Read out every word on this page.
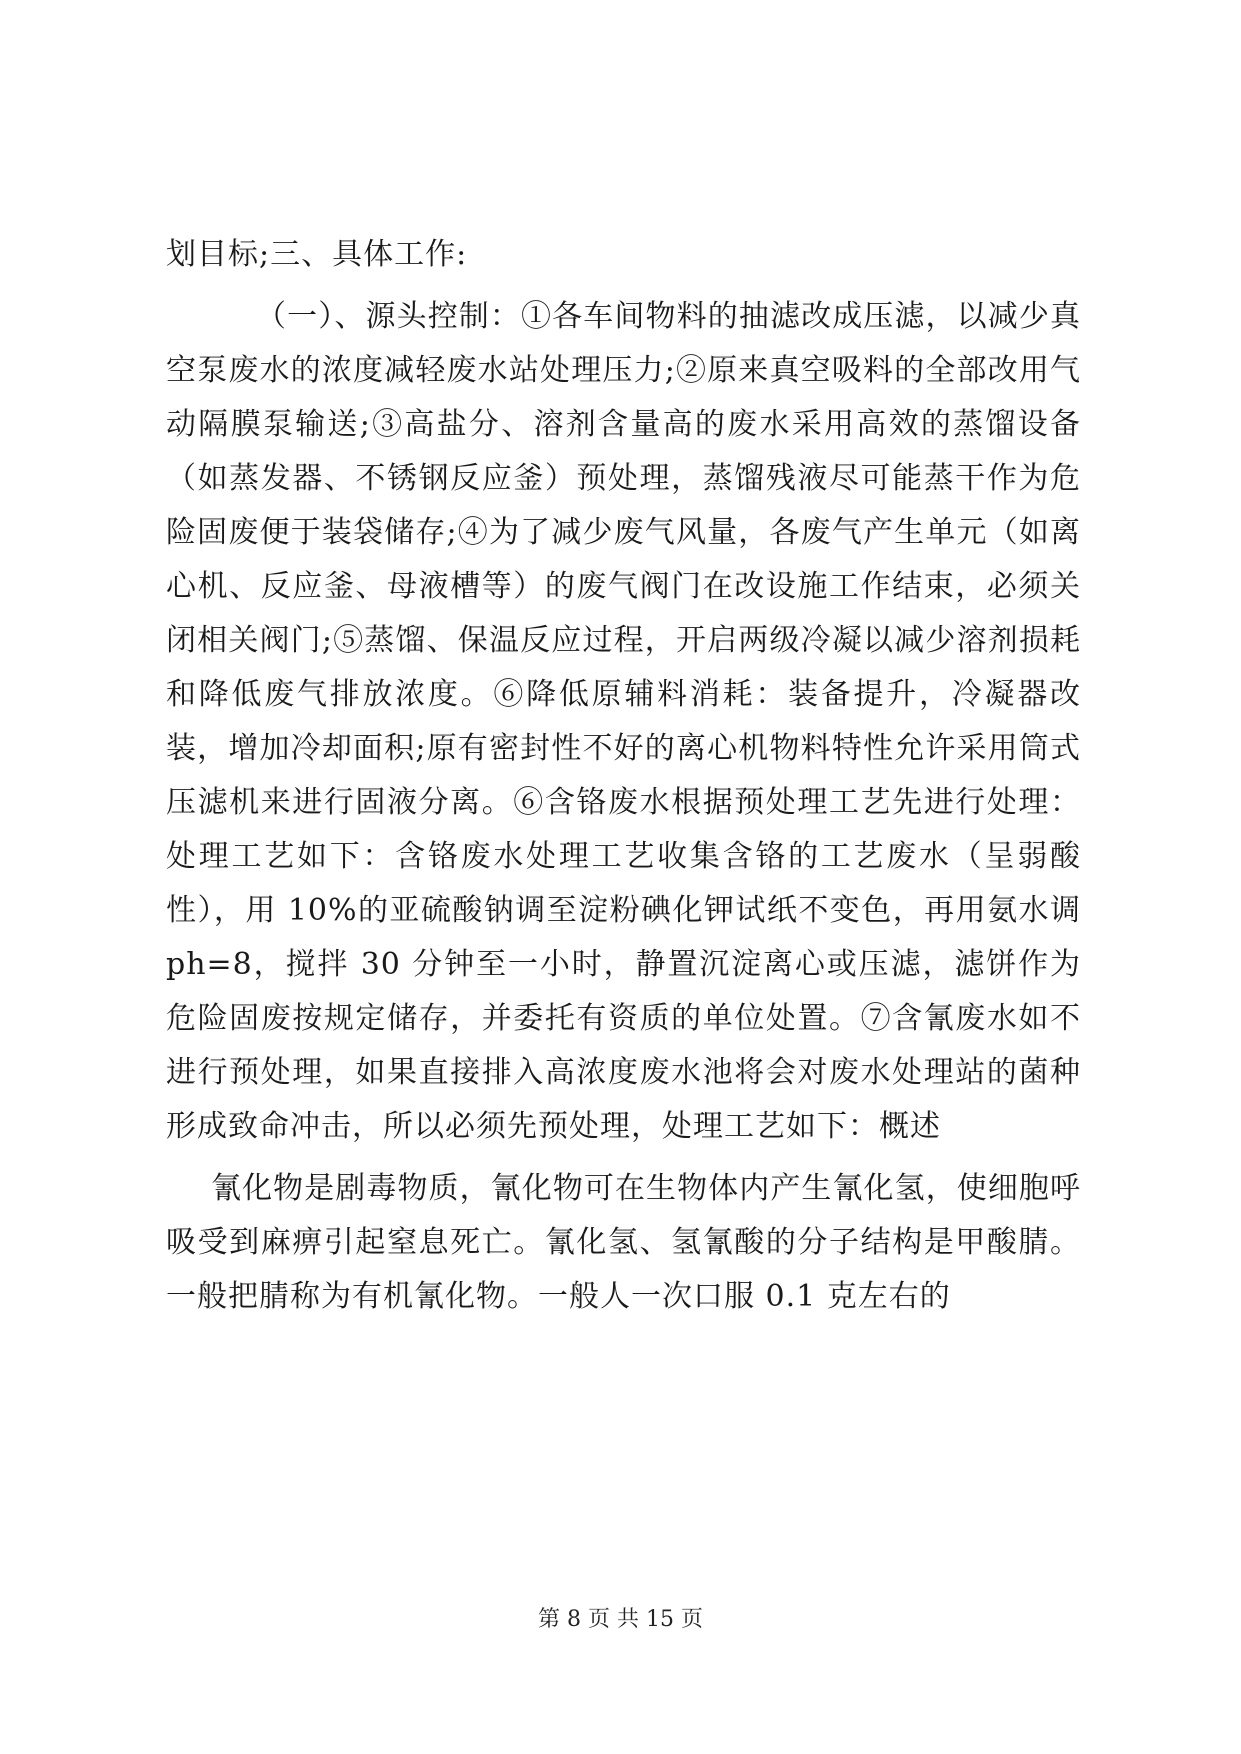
划目标;三、具体工作:

（一）、源头控制：①各车间物料的抽滤改成压滤，以减少真空泵废水的浓度减轻废水站处理压力;②原来真空吸料的全部改用气动隔膜泵输送;③高盐分、溶剂含量高的废水采用高效的蒸馏设备（如蒸发器、不锈钢反应釜）预处理，蒸馏残液尽可能蒸干作为危险固废便于装袋储存;④为了减少废气风量，各废气产生单元（如离心机、反应釜、母液槽等）的废气阀门在改设施工作结束，必须关闭相关阀门;⑤蒸馏、保温反应过程，开启两级冷凝以减少溶剂损耗和降低废气排放浓度。⑥降低原辅料消耗：装备提升，冷凝器改装，增加冷却面积;原有密封性不好的离心机物料特性允许采用筒式压滤机来进行固液分离。⑥含铬废水根据预处理工艺先进行处理：处理工艺如下：含铬废水处理工艺收集含铬的工艺废水（呈弱酸性），用 10%的亚硫酸钠调至淀粉碘化钾试纸不变色，再用氨水调 ph=8，搅拌 30 分钟至一小时，静置沉淀离心或压滤，滤饼作为危险固废按规定储存，并委托有资质的单位处置。⑦含氰废水如不进行预处理，如果直接排入高浓度废水池将会对废水处理站的菌种形成致命冲击，所以必须先预处理，处理工艺如下：概述

氰化物是剧毒物质，氰化物可在生物体内产生氰化氢，使细胞呼吸受到麻痹引起窒息死亡。氰化氢、氢氰酸的分子结构是甲酸腈。一般把腈称为有机氰化物。一般人一次口服 0.1 克左右的

第 8 页 共 15 页
